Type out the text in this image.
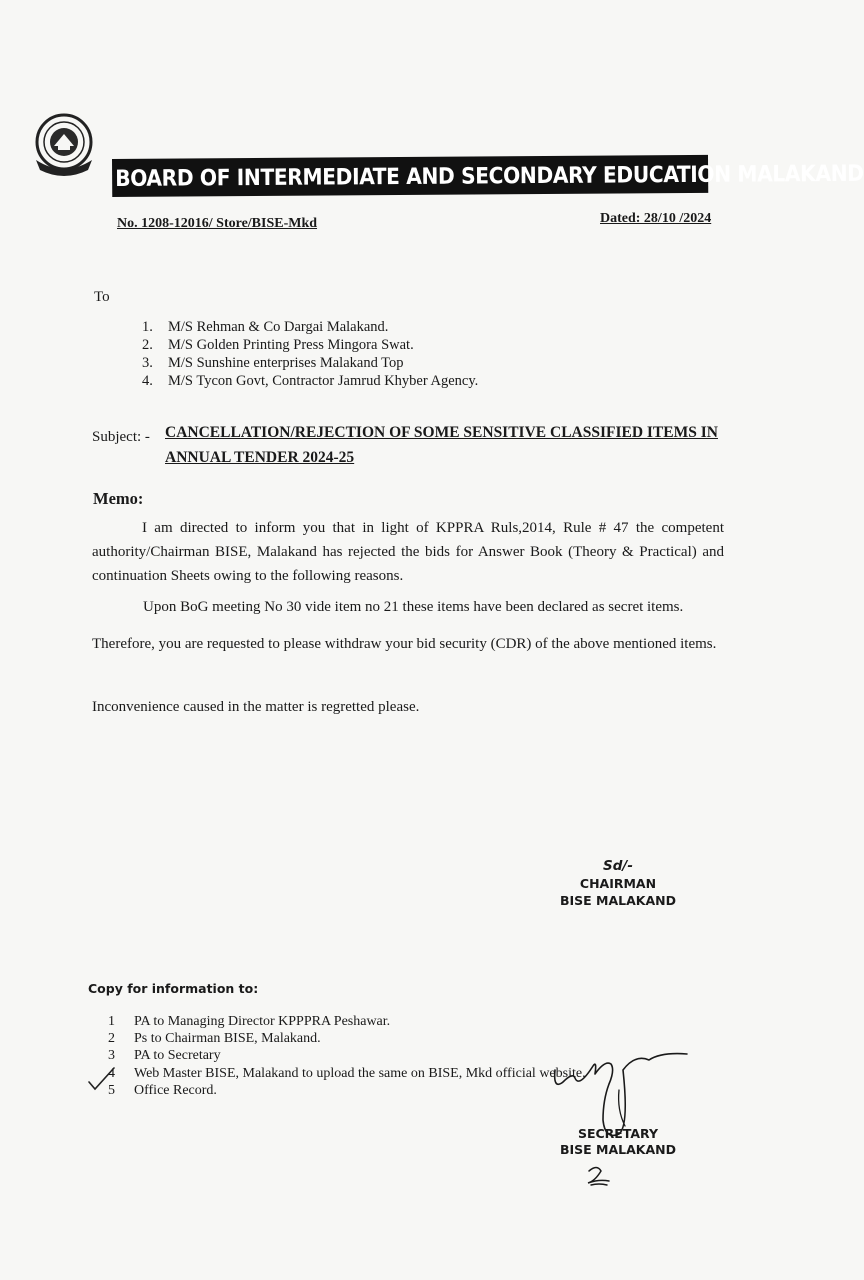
BOARD OF INTERMEDIATE AND SECONDARY EDUCATION MALAKAND
No. 1208-12016/ Store/BISE-Mkd	Dated: 28/10 /2024
To
1.	M/S Rehman & Co Dargai Malakand.
2.	M/S Golden Printing Press Mingora Swat.
3.	M/S Sunshine enterprises Malakand Top
4.	M/S Tycon Govt, Contractor Jamrud Khyber Agency.
Subject: - CANCELLATION/REJECTION OF SOME SENSITIVE CLASSIFIED ITEMS IN
ANNUAL TENDER 2024-25
Memo:
I am directed to inform you that in light of KPPRA Ruls,2014, Rule # 47 the competent authority/Chairman BISE, Malakand has rejected the bids for Answer Book (Theory & Practical) and continuation Sheets owing to the following reasons.
Upon BoG meeting No 30 vide item no 21 these items have been declared as secret items.
Therefore, you are requested to please withdraw your bid security (CDR) of the above mentioned items.
Inconvenience caused in the matter is regretted please.
Sd/-
CHAIRMAN
BISE MALAKAND
Copy for information to:
1	PA to Managing Director KPPPRA Peshawar.
2	Ps to Chairman BISE, Malakand.
3	PA to Secretary
4	Web Master BISE, Malakand to upload the same on BISE, Mkd official website.
5	Office Record.
SECRETARY
BISE MALAKAND
